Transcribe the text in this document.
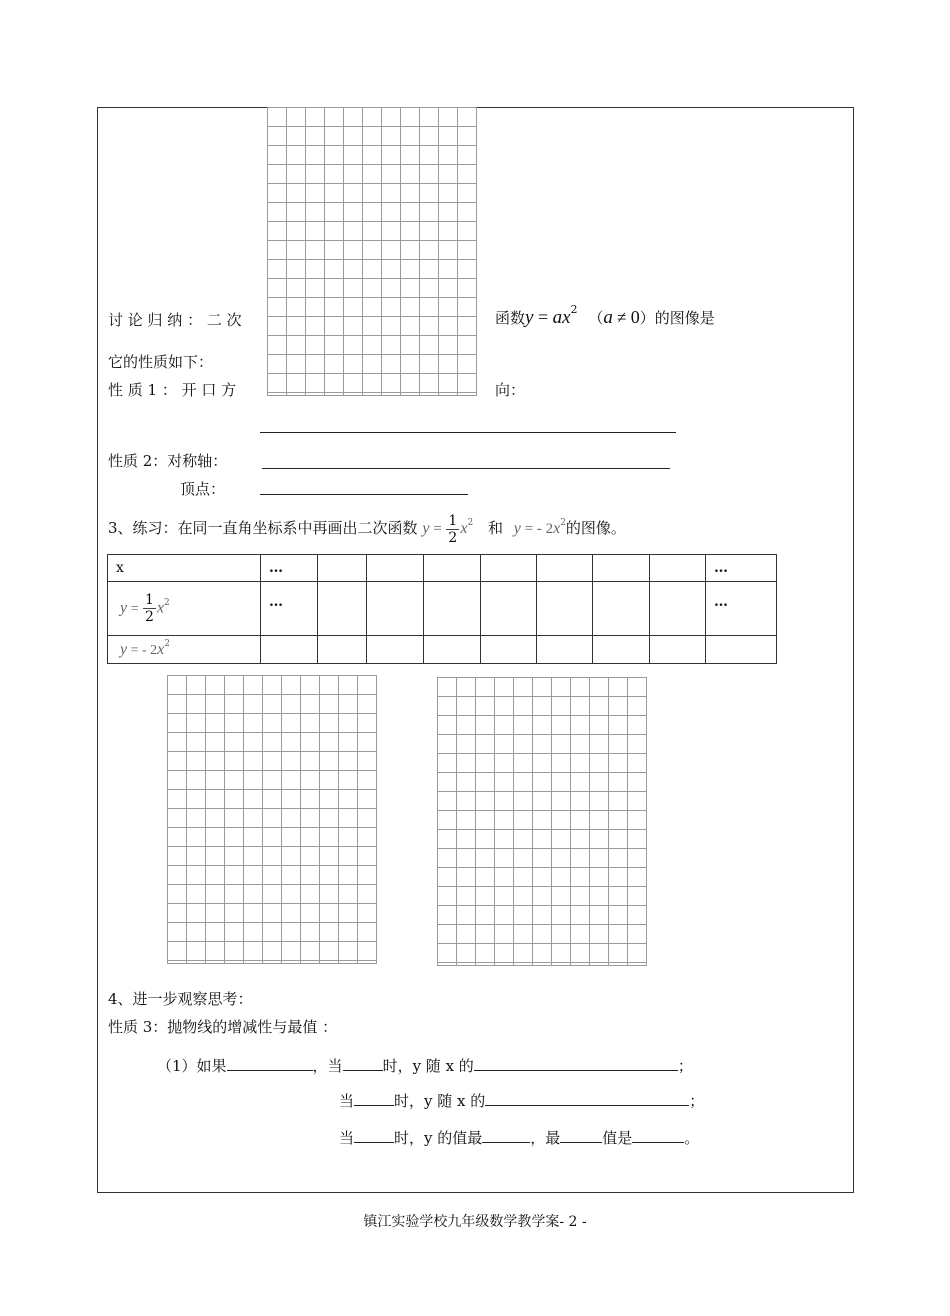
讨 论 归 纳 ： 二 次	函数$y = ax^2$ （a ≠ 0）的图像是
它的性质如下：
性 质 1 ： 开 口 方	向：
性质 2：对称轴：
顶点：
3、练习：在同一直角坐标系中再画出二次函数 $y = \frac{1}{2} x^2$ 和 y = - $2x^2$的图像。
x	…								…
$y = \frac{1}{2} x^2$	…								…
y = - $2x^2$									
4、进一步观察思考：
性质 3：抛物线的增减性与最值 ：
（1）如果	，当	时，y 随 x 的	；
当	时，y 随 x 的	；
当	时，y 的值最	，最	值是	。
镇江实验学校九年级数学教学案- 2 -
